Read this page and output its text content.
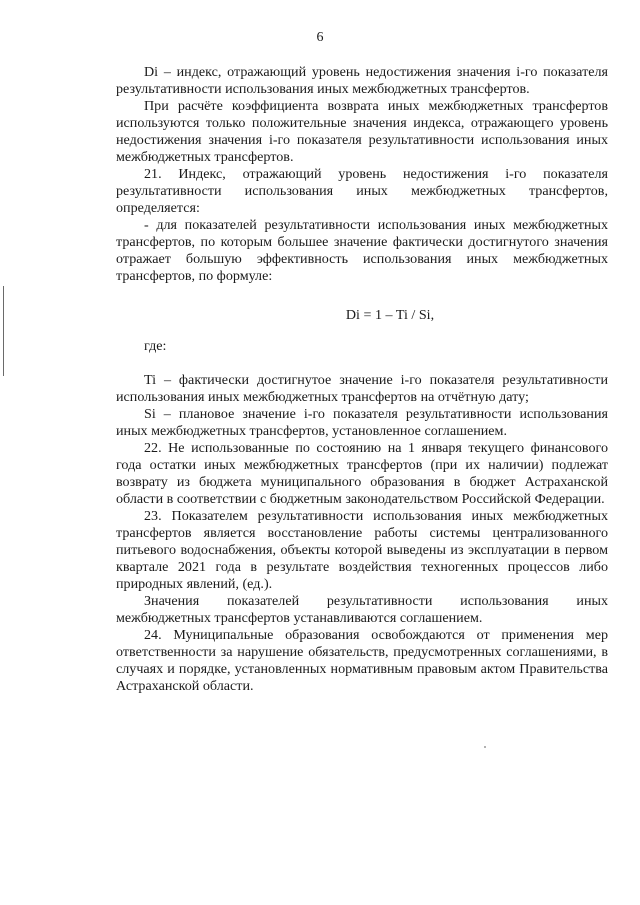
6

Di – индекс, отражающий уровень недостижения значения i-го показателя результативности использования иных межбюджетных трансфертов.

При расчёте коэффициента возврата иных межбюджетных трансфертов используются только положительные значения индекса, отражающего уровень недостижения значения i-го показателя результативности использования иных межбюджетных трансфертов.

21. Индекс, отражающий уровень недостижения i-го показателя результативности использования иных межбюджетных трансфертов, определяется:

- для показателей результативности использования иных межбюджетных трансфертов, по которым большее значение фактически достигнутого значения отражает большую эффективность использования иных межбюджетных трансфертов, по формуле:

Di = 1 – Ti / Si,

где:

Ti – фактически достигнутое значение i-го показателя результативности использования иных межбюджетных трансфертов на отчётную дату;

Si – плановое значение i-го показателя результативности использования иных межбюджетных трансфертов, установленное соглашением.

22. Не использованные по состоянию на 1 января текущего финансового года остатки иных межбюджетных трансфертов (при их наличии) подлежат возврату из бюджета муниципального образования в бюджет Астраханской области в соответствии с бюджетным законодательством Российской Федерации.

23. Показателем результативности использования иных межбюджетных трансфертов является восстановление работы системы централизованного питьевого водоснабжения, объекты которой выведены из эксплуатации в первом квартале 2021 года в результате воздействия техногенных процессов либо природных явлений, (ед.).

Значения показателей результативности использования иных межбюджетных трансфертов устанавливаются соглашением.

24. Муниципальные образования освобождаются от применения мер ответственности за нарушение обязательств, предусмотренных соглашениями, в случаях и порядке, установленных нормативным правовым актом Правительства Астраханской области.
